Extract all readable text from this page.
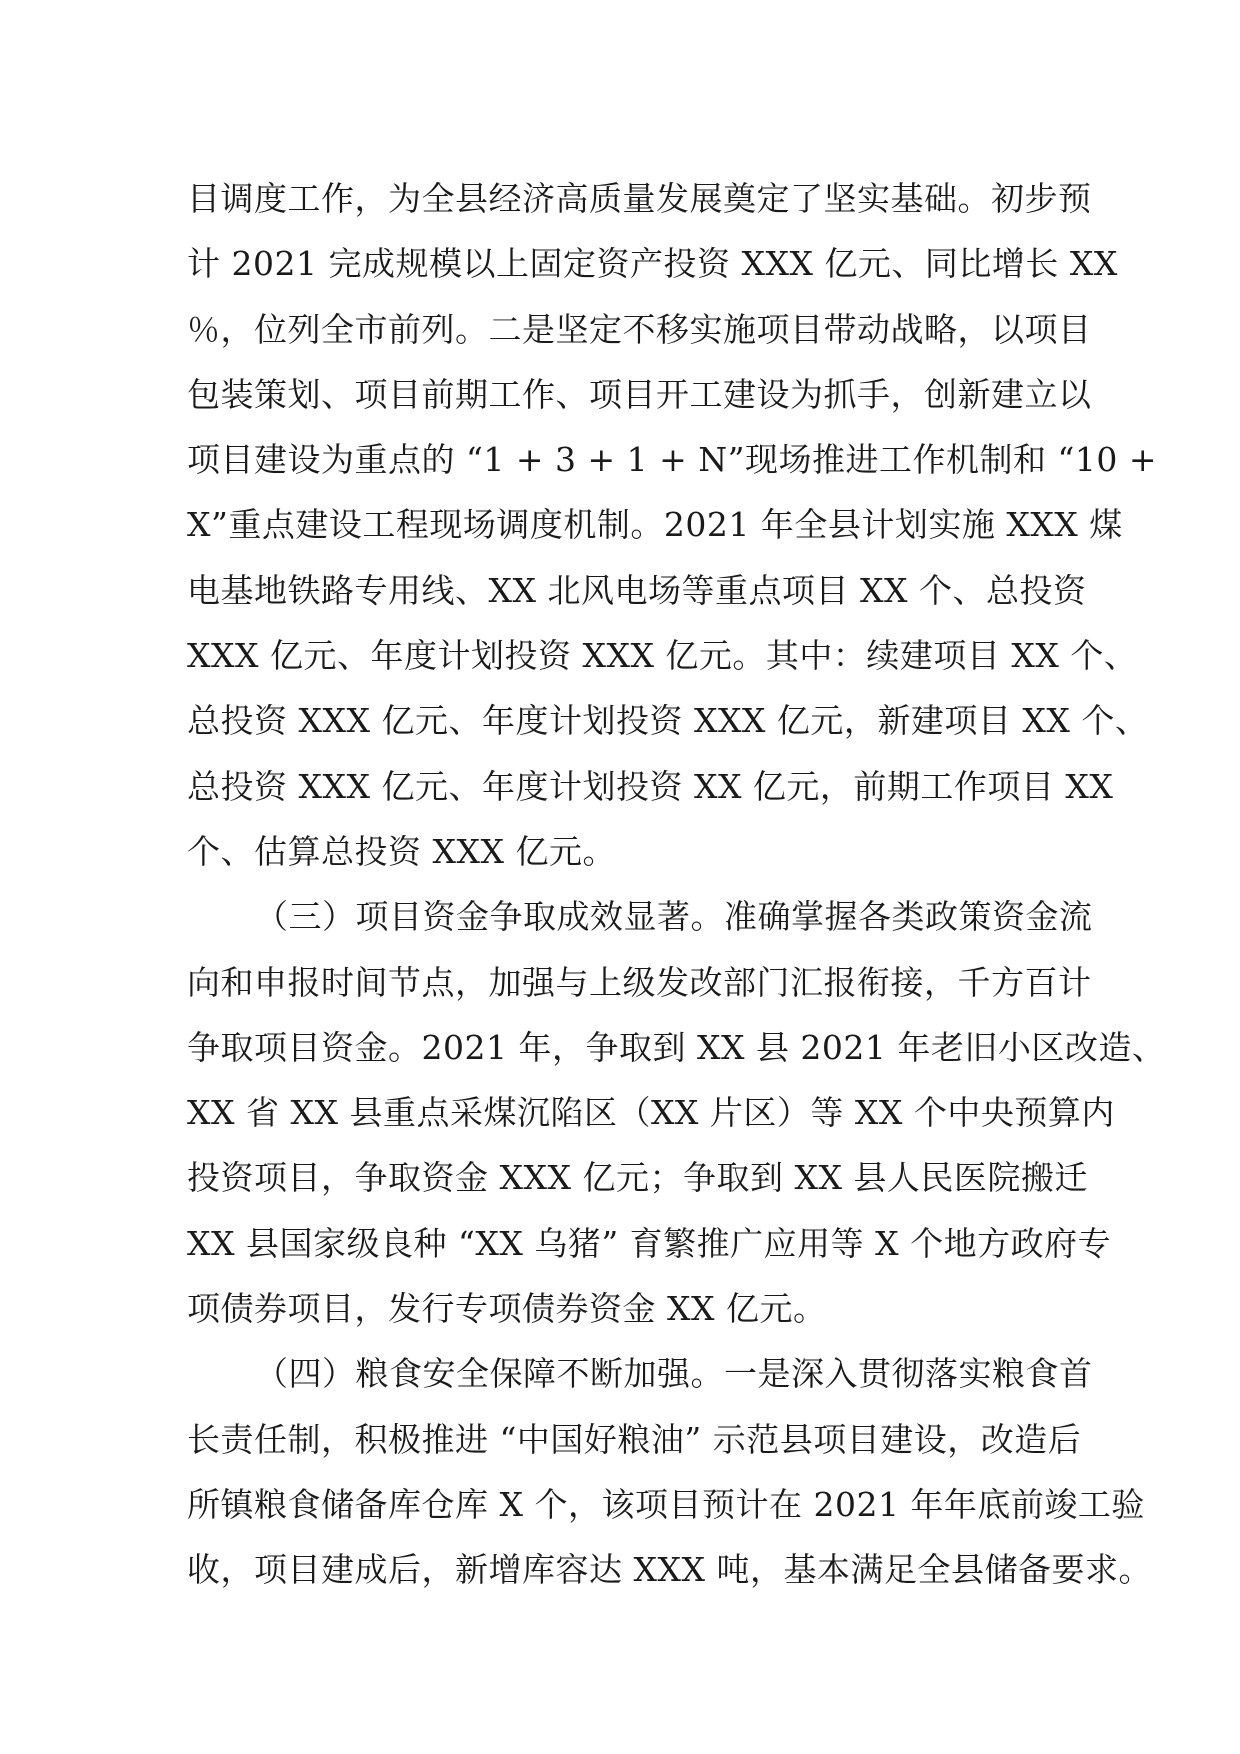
目调度工作，为全县经济高质量发展奠定了坚实基础。初步预
计 2021 完成规模以上固定资产投资 XXX 亿元、同比增长 XX
％，位列全市前列。二是坚定不移实施项目带动战略，以项目
包装策划、项目前期工作、项目开工建设为抓手，创新建立以
项目建设为重点的 “1 + 3 + 1 + N”现场推进工作机制和 “10 +
X”重点建设工程现场调度机制。2021 年全县计划实施 XXX 煤
电基地铁路专用线、XX 北风电场等重点项目 XX 个、总投资
XXX 亿元、年度计划投资 XXX 亿元。其中：续建项目 XX 个、
总投资 XXX 亿元、年度计划投资 XXX 亿元，新建项目 XX 个、
总投资 XXX 亿元、年度计划投资 XX 亿元，前期工作项目 XX
个、估算总投资 XXX 亿元。
（三）项目资金争取成效显著。准确掌握各类政策资金流
向和申报时间节点，加强与上级发改部门汇报衔接，千方百计
争取项目资金。2021 年，争取到 XX 县 2021 年老旧小区改造、
XX 省 XX 县重点采煤沉陷区（XX 片区）等 XX 个中央预算内
投资项目，争取资金 XXX 亿元；争取到 XX 县人民医院搬迁
XX 县国家级良种 “XX 乌猪” 育繁推广应用等 X 个地方政府专
项债券项目，发行专项债券资金 XX 亿元。
（四）粮食安全保障不断加强。一是深入贯彻落实粮食首
长责任制，积极推进 “中国好粮油” 示范县项目建设，改造后
所镇粮食储备库仓库 X 个，该项目预计在 2021 年年底前竣工验
收，项目建成后，新增库容达 XXX 吨，基本满足全县储备要求。
